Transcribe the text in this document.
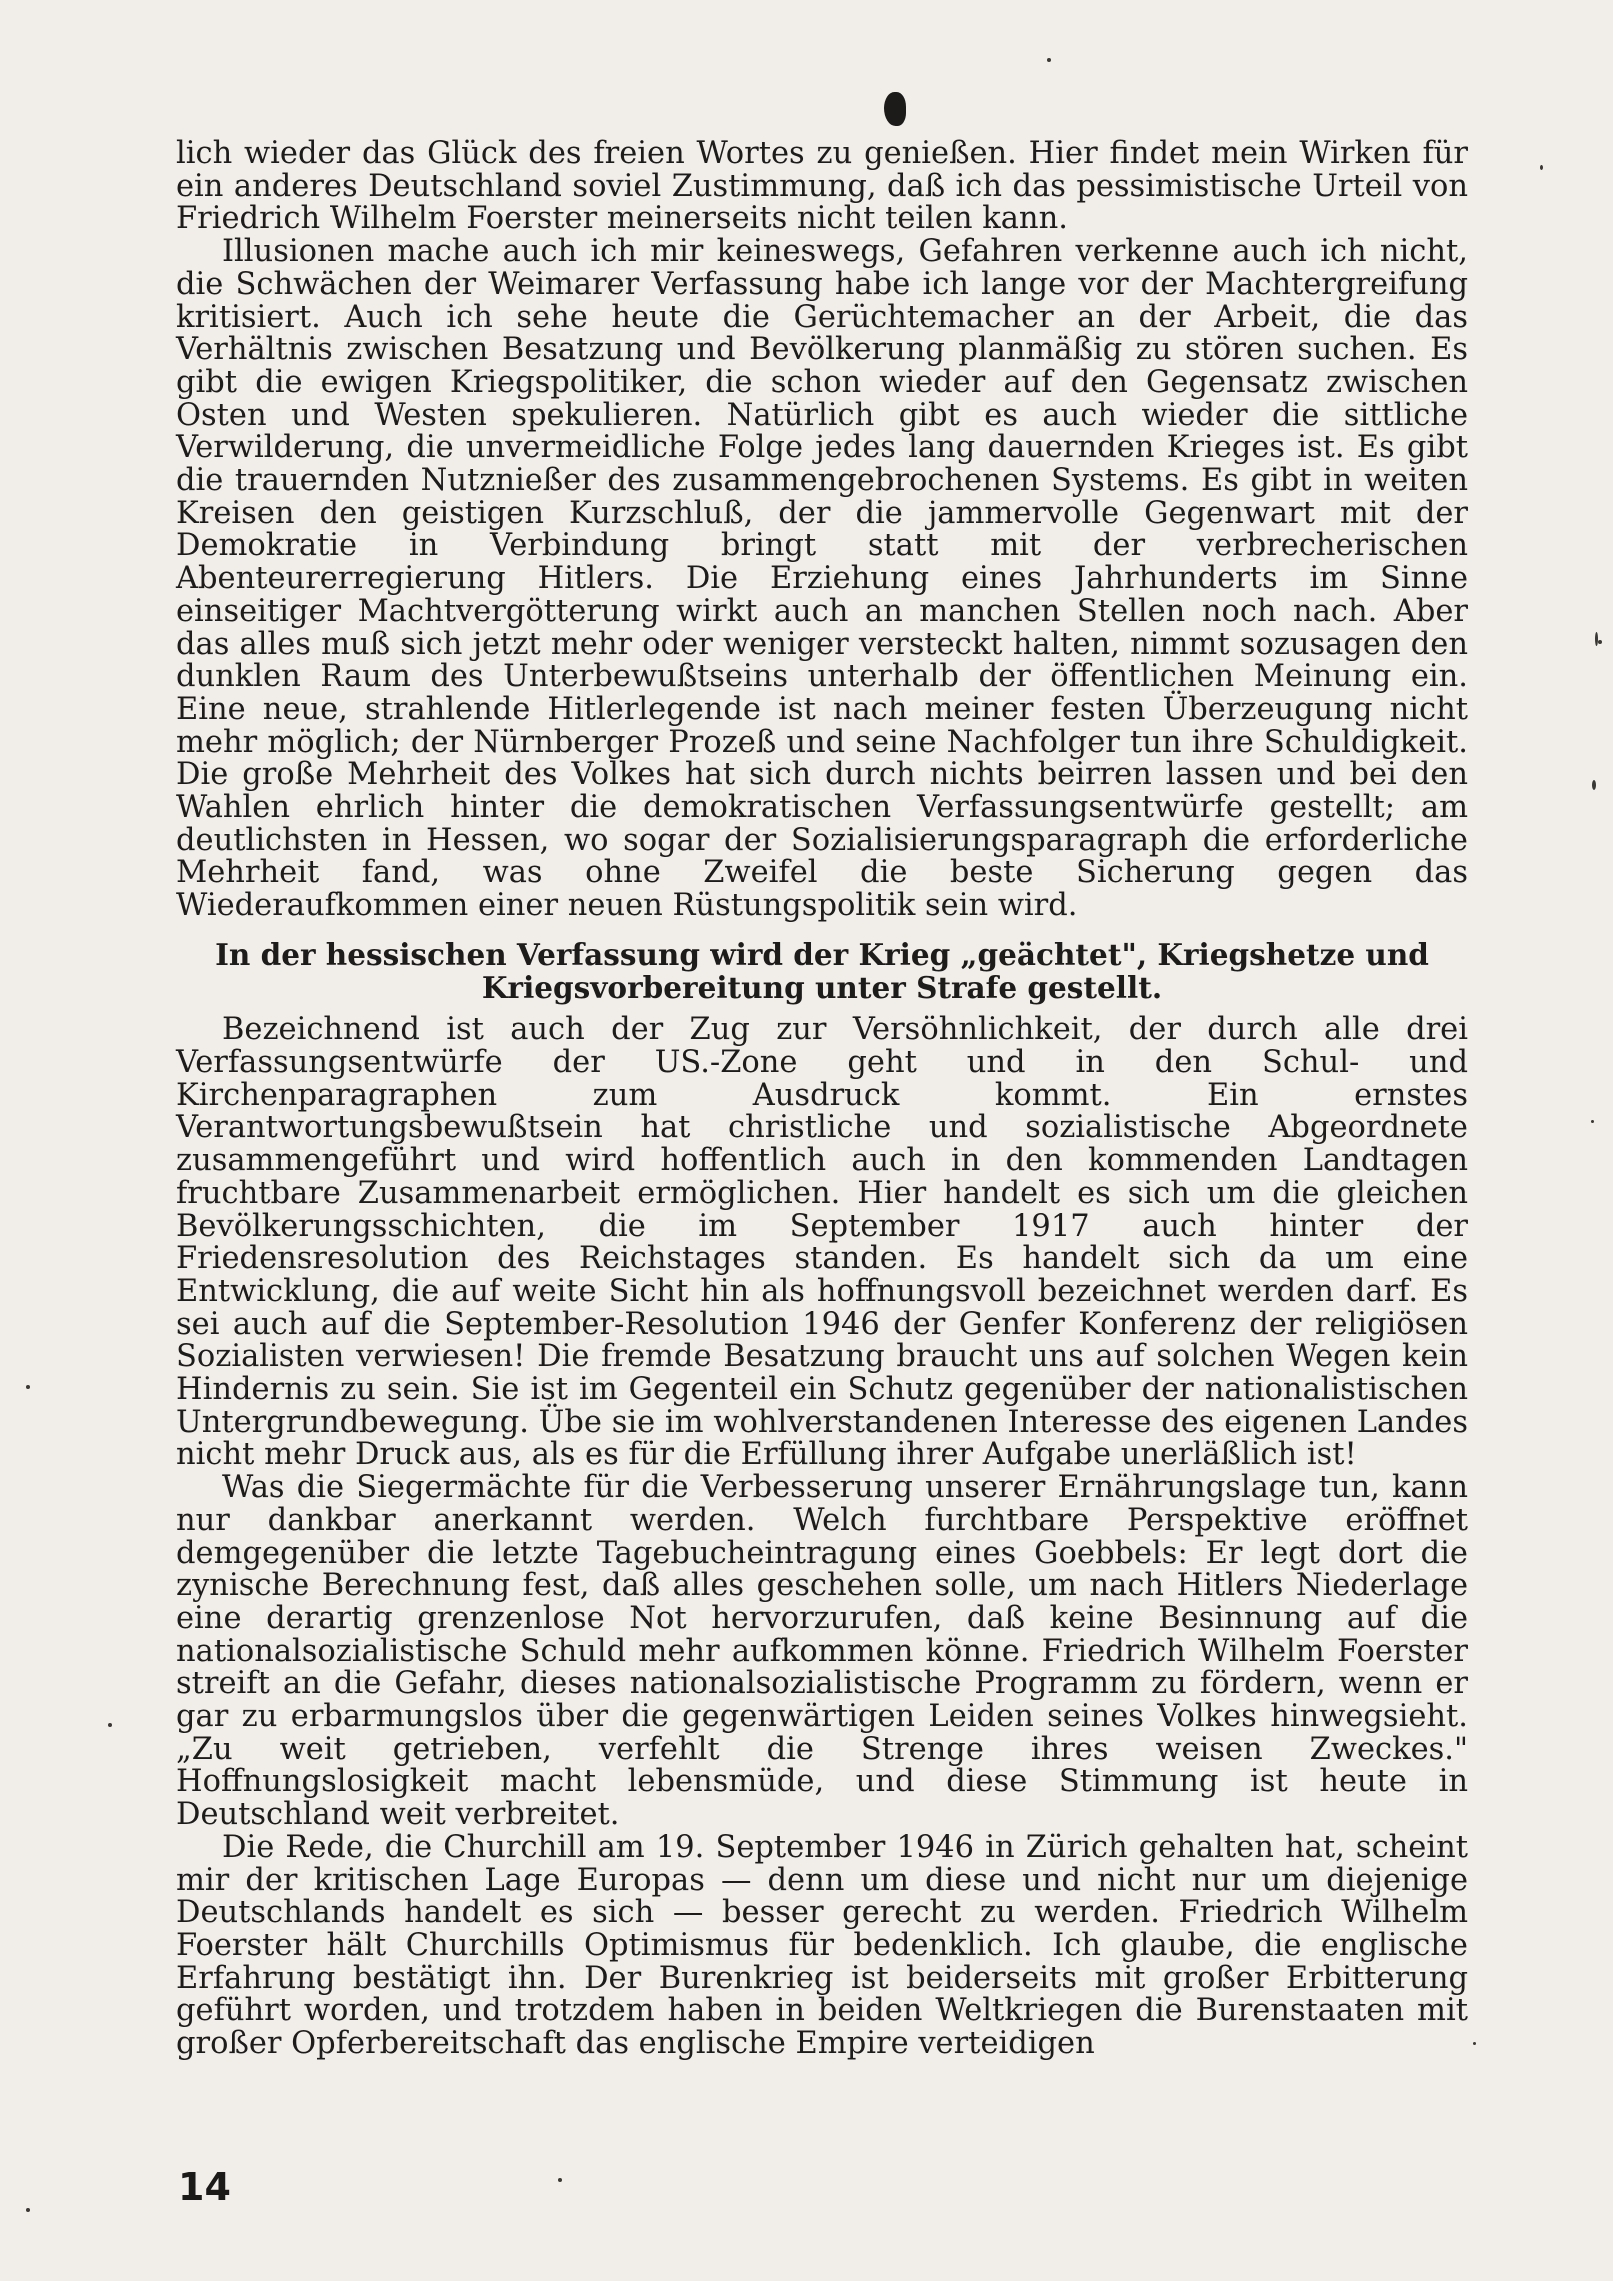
lich wieder das Glück des freien Wortes zu genießen. Hier findet mein Wirken für ein anderes Deutschland soviel Zustimmung, daß ich das pessimistische Urteil von Friedrich Wilhelm Foerster meinerseits nicht teilen kann.

Illusionen mache auch ich mir keineswegs, Gefahren verkenne auch ich nicht, die Schwächen der Weimarer Verfassung habe ich lange vor der Machtergreifung kritisiert. Auch ich sehe heute die Gerüchtemacher an der Arbeit, die das Verhältnis zwischen Besatzung und Bevölkerung planmäßig zu stören suchen. Es gibt die ewigen Kriegspolitiker, die schon wieder auf den Gegensatz zwischen Osten und Westen spekulieren. Natürlich gibt es auch wieder die sittliche Verwilderung, die unvermeidliche Folge jedes lang dauernden Krieges ist. Es gibt die trauernden Nutznießer des zusammengebrochenen Systems. Es gibt in weiten Kreisen den geistigen Kurzschluß, der die jammervolle Gegenwart mit der Demokratie in Verbindung bringt statt mit der verbrecherischen Abenteurerregierung Hitlers. Die Erziehung eines Jahrhunderts im Sinne einseitiger Machtvergötterung wirkt auch an manchen Stellen noch nach. Aber das alles muß sich jetzt mehr oder weniger versteckt halten, nimmt sozusagen den dunklen Raum des Unterbewußtseins unterhalb der öffentlichen Meinung ein. Eine neue, strahlende Hitlerlegende ist nach meiner festen Überzeugung nicht mehr möglich; der Nürnberger Prozeß und seine Nachfolger tun ihre Schuldigkeit. Die große Mehrheit des Volkes hat sich durch nichts beirren lassen und bei den Wahlen ehrlich hinter die demokratischen Verfassungsentwürfe gestellt; am deutlichsten in Hessen, wo sogar der Sozialisierungsparagraph die erforderliche Mehrheit fand, was ohne Zweifel die beste Sicherung gegen das Wiederaufkommen einer neuen Rüstungspolitik sein wird.

In der hessischen Verfassung wird der Krieg „geächtet", Kriegshetze und Kriegsvorbereitung unter Strafe gestellt.

Bezeichnend ist auch der Zug zur Versöhnlichkeit, der durch alle drei Verfassungsentwürfe der US.-Zone geht und in den Schul- und Kirchenparagraphen zum Ausdruck kommt. Ein ernstes Verantwortungsbewußtsein hat christliche und sozialistische Abgeordnete zusammengeführt und wird hoffentlich auch in den kommenden Landtagen fruchtbare Zusammenarbeit ermöglichen. Hier handelt es sich um die gleichen Bevölkerungsschichten, die im September 1917 auch hinter der Friedensresolution des Reichstages standen. Es handelt sich da um eine Entwicklung, die auf weite Sicht hin als hoffnungsvoll bezeichnet werden darf. Es sei auch auf die September-Resolution 1946 der Genfer Konferenz der religiösen Sozialisten verwiesen! Die fremde Besatzung braucht uns auf solchen Wegen kein Hindernis zu sein. Sie ist im Gegenteil ein Schutz gegenüber der nationalistischen Untergrundbewegung. Übe sie im wohlverstandenen Interesse des eigenen Landes nicht mehr Druck aus, als es für die Erfüllung ihrer Aufgabe unerläßlich ist!

Was die Siegermächte für die Verbesserung unserer Ernährungslage tun, kann nur dankbar anerkannt werden. Welch furchtbare Perspektive eröffnet demgegenüber die letzte Tagebucheintragung eines Goebbels: Er legt dort die zynische Berechnung fest, daß alles geschehen solle, um nach Hitlers Niederlage eine derartig grenzenlose Not hervorzurufen, daß keine Besinnung auf die nationalsozialistische Schuld mehr aufkommen könne. Friedrich Wilhelm Foerster streift an die Gefahr, dieses nationalsozialistische Programm zu fördern, wenn er gar zu erbarmungslos über die gegenwärtigen Leiden seines Volkes hinwegsieht. „Zu weit getrieben, verfehlt die Strenge ihres weisen Zweckes." Hoffnungslosigkeit macht lebensmüde, und diese Stimmung ist heute in Deutschland weit verbreitet.

Die Rede, die Churchill am 19. September 1946 in Zürich gehalten hat, scheint mir der kritischen Lage Europas — denn um diese und nicht nur um diejenige Deutschlands handelt es sich — besser gerecht zu werden. Friedrich Wilhelm Foerster hält Churchills Optimismus für bedenklich. Ich glaube, die englische Erfahrung bestätigt ihn. Der Burenkrieg ist beiderseits mit großer Erbitterung geführt worden, und trotzdem haben in beiden Weltkriegen die Burenstaaten mit großer Opferbereitschaft das englische Empire verteidigen

14
